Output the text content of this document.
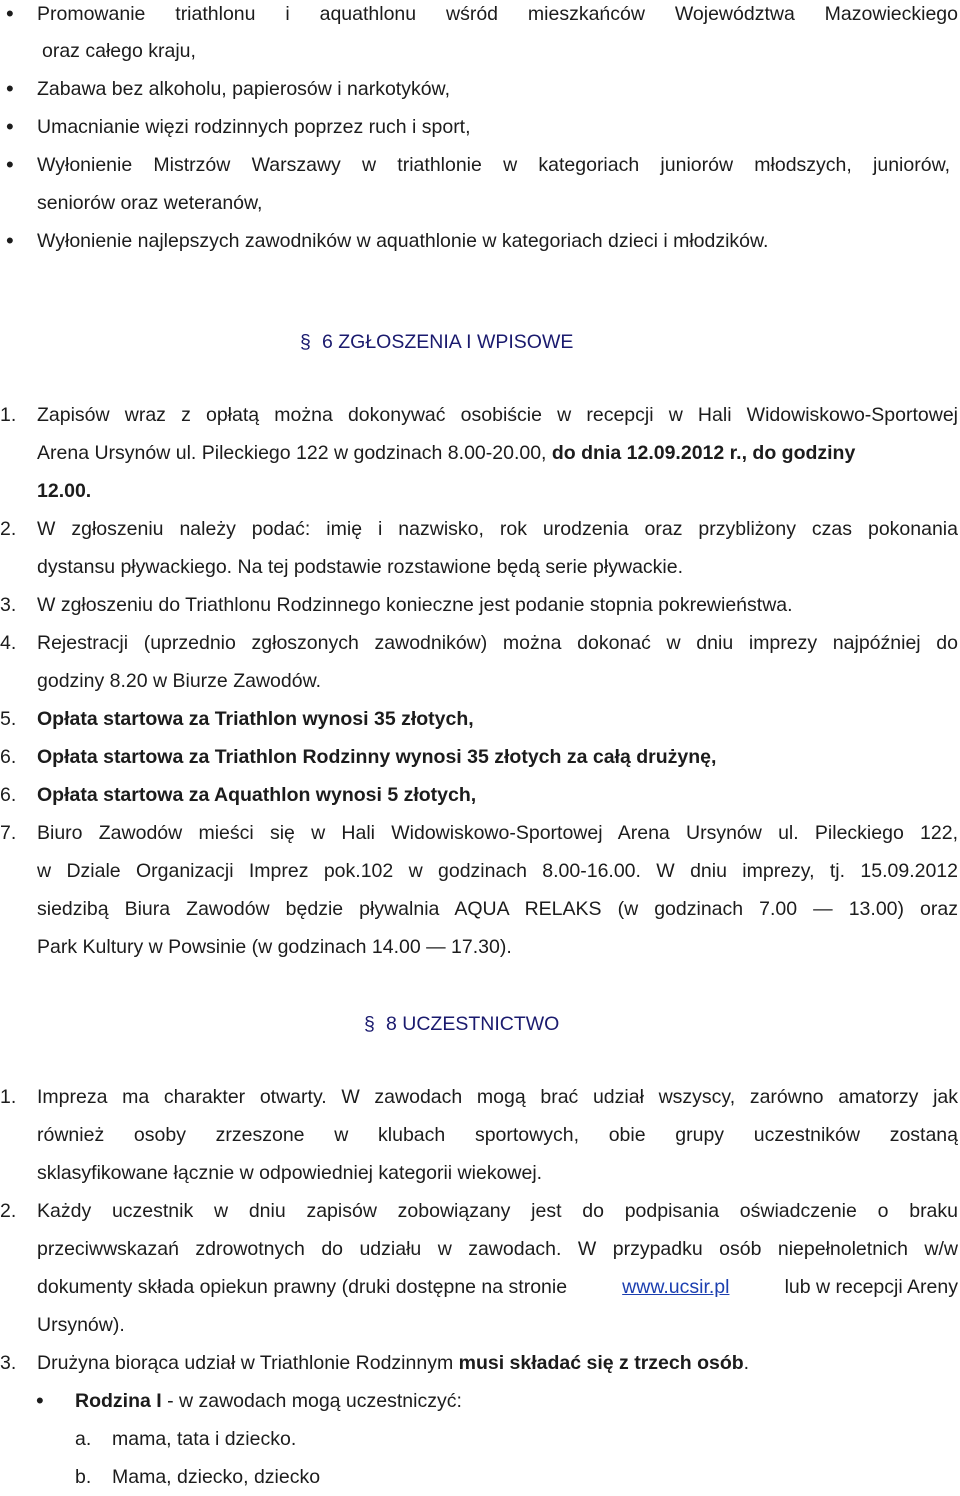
• Promowanie triathlonu i aquathlonu wśród mieszkańców Województwa Mazowieckiego
oraz całego kraju,
• Zabawa bez alkoholu, papierosów i narkotyków,
• Umacnianie więzi rodzinnych poprzez ruch i sport,
• Wyłonienie Mistrzów Warszawy w triathlonie w kategoriach juniorów młodszych, juniorów,
seniorów oraz weteranów,
• Wyłonienie najlepszych zawodników w aquathlonie w kategoriach dzieci i młodzików.
§ 6 ZGŁOSZENIA I WPISOWE
1. Zapisów wraz z opłatą można dokonywać osobiście w recepcji w Hali Widowiskowo-Sportowej
Arena Ursynów ul. Pileckiego 122 w godzinach 8.00-20.00, do dnia 12.09.2012 r., do godziny
12.00.
2. W zgłoszeniu należy podać: imię i nazwisko, rok urodzenia oraz przybliżony czas pokonania
dystansu pływackiego. Na tej podstawie rozstawione będą serie pływackie.
3. W zgłoszeniu do Triathlonu Rodzinnego konieczne jest podanie stopnia pokrewieństwa.
4. Rejestracji (uprzednio zgłoszonych zawodników) można dokonać w dniu imprezy najpóźniej do
godziny 8.20 w Biurze Zawodów.
5. Opłata startowa za Triathlon wynosi 35 złotych,
6. Opłata startowa za Triathlon Rodzinny wynosi 35 złotych za całą drużynę,
6. Opłata startowa za Aquathlon wynosi 5 złotych,
7. Biuro Zawodów mieści się w Hali Widowiskowo-Sportowej Arena Ursynów ul. Pileckiego 122,
w Dziale Organizacji Imprez pok.102 w godzinach 8.00-16.00. W dniu imprezy, tj. 15.09.2012
siedzibą Biura Zawodów będzie pływalnia AQUA RELAKS (w godzinach 7.00 — 13.00) oraz
Park Kultury w Powsinie (w godzinach 14.00 — 17.30).
§ 8 UCZESTNICTWO
1. Impreza ma charakter otwarty. W zawodach mogą brać udział wszyscy, zarówno amatorzy jak
również osoby zrzeszone w klubach sportowych, obie grupy uczestników zostaną
sklasyfikowane łącznie w odpowiedniej kategorii wiekowej.
2. Każdy uczestnik w dniu zapisów zobowiązany jest do podpisania oświadczenie o braku
przeciwwskazań zdrowotnych do udziału w zawodach. W przypadku osób niepełnoletnich w/w
dokumenty składa opiekun prawny (druki dostępne na stronie	www.ucsir.pl	lub w recepcji Areny
Ursynów).
3. Drużyna biorąca udział w Triathlonie Rodzinnym musi składać się z trzech osób.
• Rodzina I - w zawodach mogą uczestniczyć:
a. mama, tata i dziecko.
b. Mama, dziecko, dziecko
